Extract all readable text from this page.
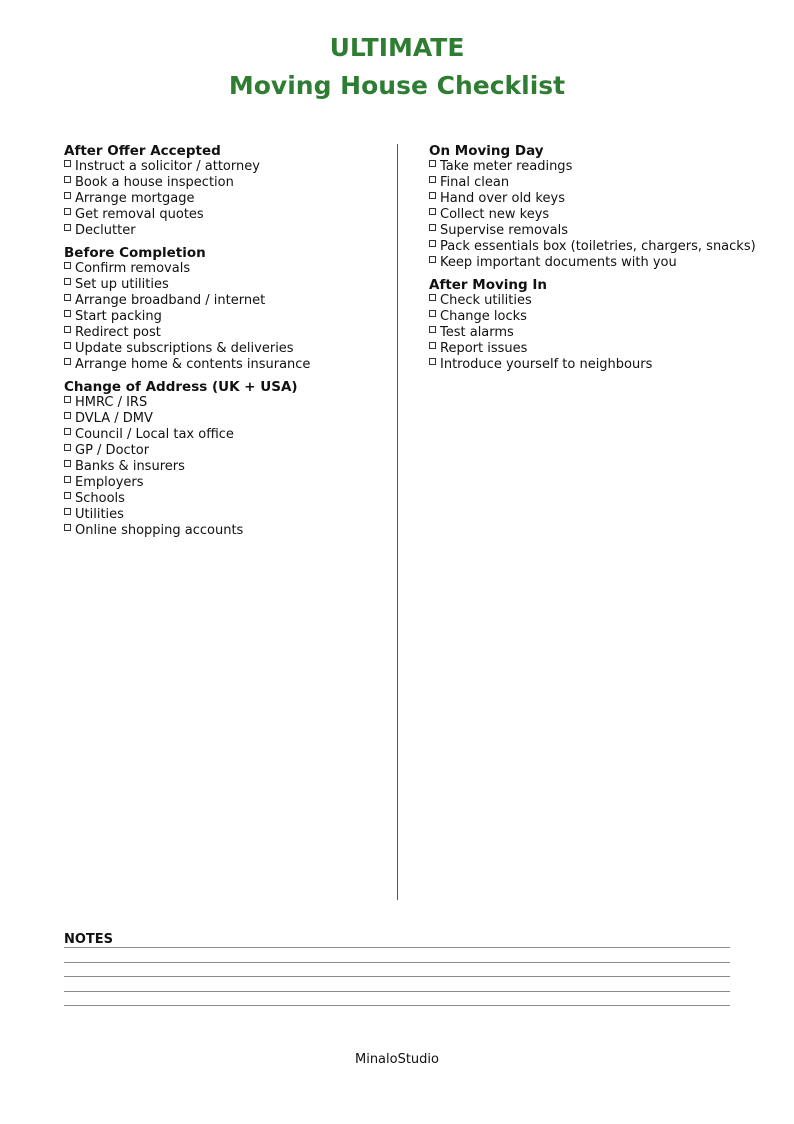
ULTIMATE
Moving House Checklist
After Offer Accepted
Instruct a solicitor / attorney
Book a house inspection
Arrange mortgage
Get removal quotes
Declutter
Before Completion
Confirm removals
Set up utilities
Arrange broadband / internet
Start packing
Redirect post
Update subscriptions & deliveries
Arrange home & contents insurance
Change of Address (UK + USA)
HMRC / IRS
DVLA / DMV
Council / Local tax office
GP / Doctor
Banks & insurers
Employers
Schools
Utilities
Online shopping accounts
On Moving Day
Take meter readings
Final clean
Hand over old keys
Collect new keys
Supervise removals
Pack essentials box (toiletries, chargers, snacks)
Keep important documents with you
After Moving In
Check utilities
Change locks
Test alarms
Report issues
Introduce yourself to neighbours
NOTES
MinaloStudio
